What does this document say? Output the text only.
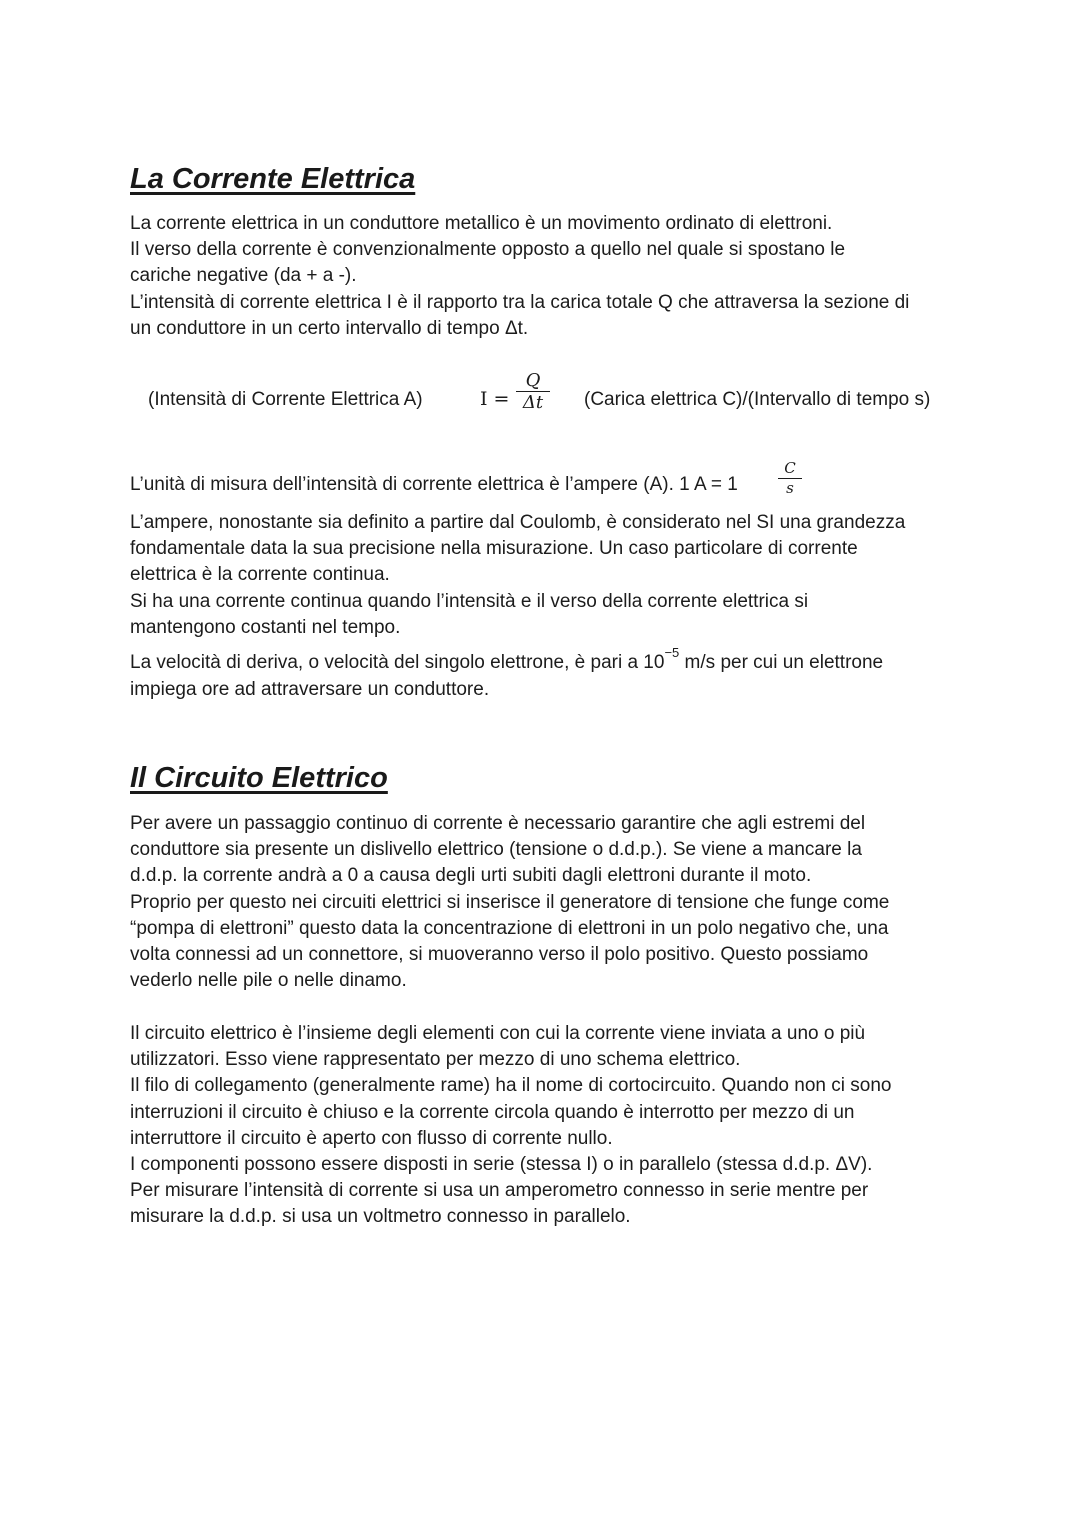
La Corrente Elettrica
La corrente elettrica in un conduttore metallico è un movimento ordinato di elettroni.
Il verso della corrente è convenzionalmente opposto a quello nel quale si spostano le
cariche negative (da + a -).
L’intensità di corrente elettrica I è il rapporto tra la carica totale Q che attraversa la sezione di
un conduttore in un certo intervallo di tempo Δt.
(Intensità di Corrente Elettrica A)	I =
Q
Δt	(Carica elettrica C)/(Intervallo di tempo s)
L’unità di misura dell’intensità di corrente elettrica è l’ampere (A). 1 A = 1
C
s
L’ampere, nonostante sia definito a partire dal Coulomb, è considerato nel SI una grandezza
fondamentale data la sua precisione nella misurazione. Un caso particolare di corrente
elettrica è la corrente continua.
Si ha una corrente continua quando l’intensità e il verso della corrente elettrica si
mantengono costanti nel tempo.
La velocità di deriva, o velocità del singolo elettrone, è pari a $10^{-5}$ m/s per cui un elettrone
impiega ore ad attraversare un conduttore.
Il Circuito Elettrico
Per avere un passaggio continuo di corrente è necessario garantire che agli estremi del
conduttore sia presente un dislivello elettrico (tensione o d.d.p.). Se viene a mancare la
d.d.p. la corrente andrà a 0 a causa degli urti subiti dagli elettroni durante il moto.
Proprio per questo nei circuiti elettrici si inserisce il generatore di tensione che funge come
“pompa di elettroni” questo data la concentrazione di elettroni in un polo negativo che, una
volta connessi ad un connettore, si muoveranno verso il polo positivo. Questo possiamo
vederlo nelle pile o nelle dinamo.
Il circuito elettrico è l’insieme degli elementi con cui la corrente viene inviata a uno o più
utilizzatori. Esso viene rappresentato per mezzo di uno schema elettrico.
Il filo di collegamento (generalmente rame) ha il nome di cortocircuito. Quando non ci sono
interruzioni il circuito è chiuso e la corrente circola quando è interrotto per mezzo di un
interruttore il circuito è aperto con flusso di corrente nullo.
I componenti possono essere disposti in serie (stessa I) o in parallelo (stessa d.d.p. ΔV).
Per misurare l’intensità di corrente si usa un amperometro connesso in serie mentre per
misurare la d.d.p. si usa un voltmetro connesso in parallelo.
